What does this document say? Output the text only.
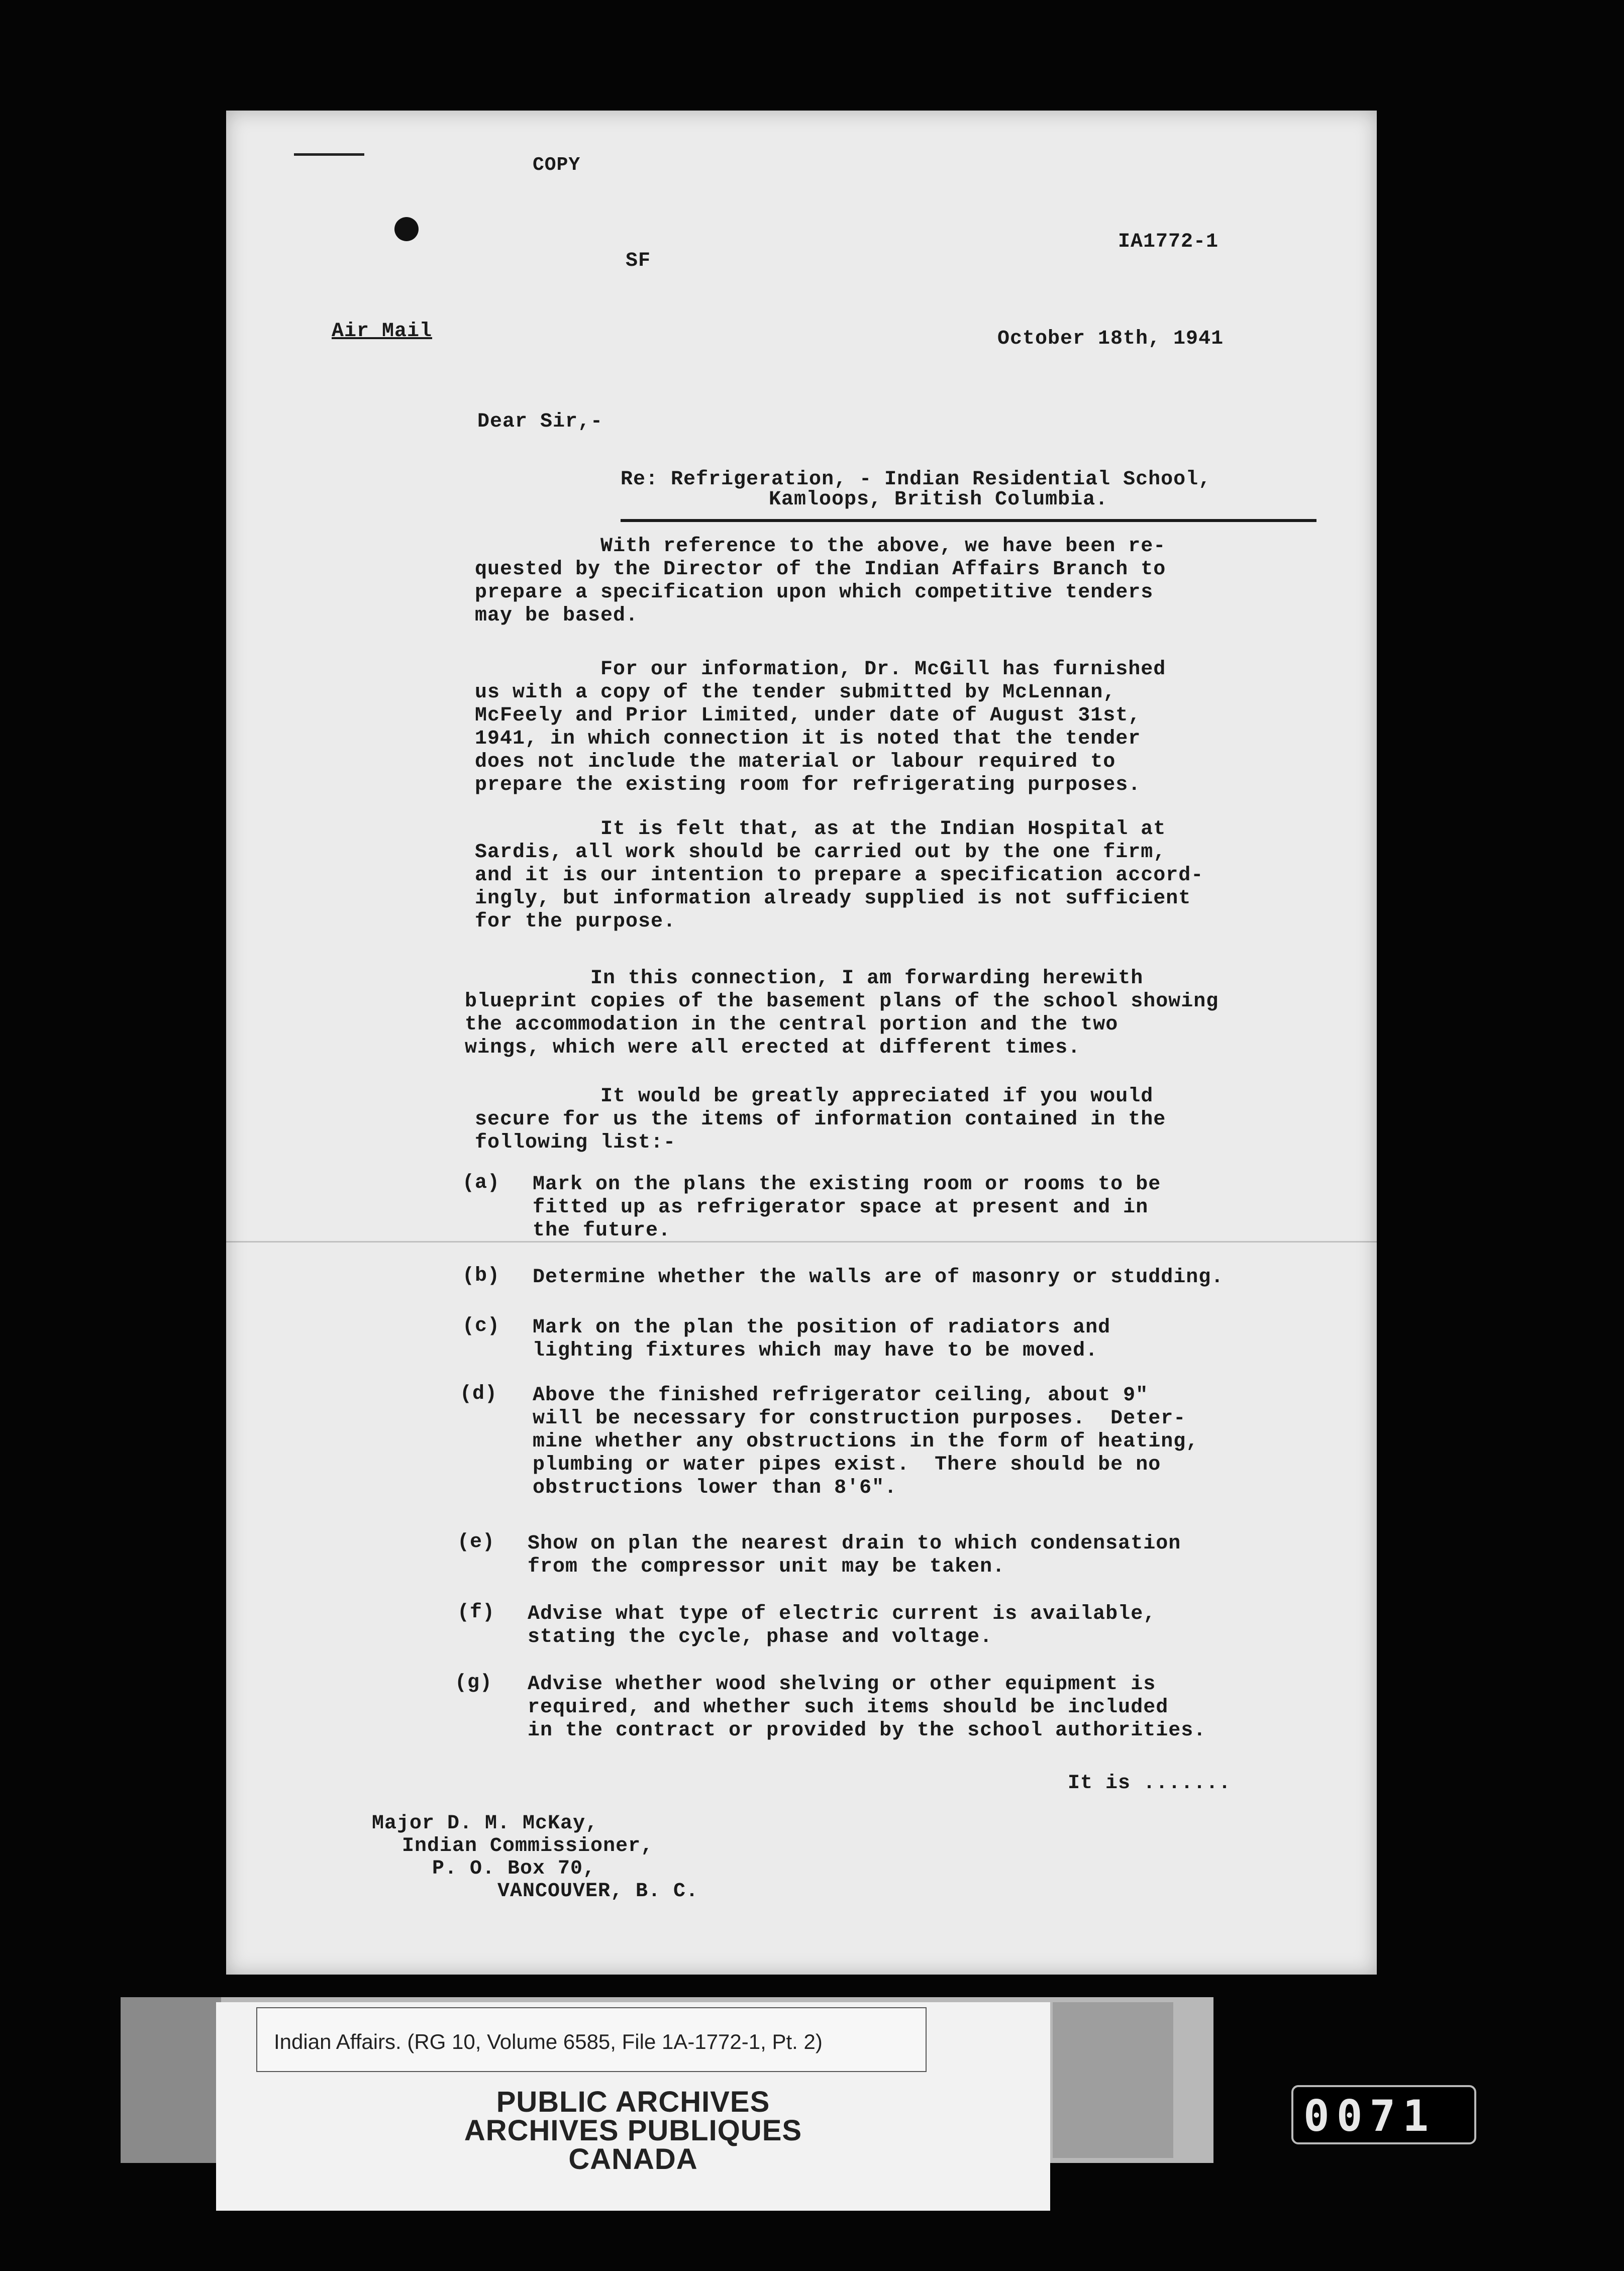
COPY
IA1772-1
SF
Air Mail	October 18th, 1941
Dear Sir,-
Re: Refrigeration, - Indian Residential School,
Kamloops, British Columbia.
With reference to the above, we have been re-
quested by the Director of the Indian Affairs Branch to
prepare a specification upon which competitive tenders
may be based.
For our information, Dr. McGill has furnished
us with a copy of the tender submitted by McLennan,
McFeely and Prior Limited, under date of August 31st,
1941, in which connection it is noted that the tender
does not include the material or labour required to
prepare the existing room for refrigerating purposes.
It is felt that, as at the Indian Hospital at
Sardis, all work should be carried out by the one firm,
and it is our intention to prepare a specification accord-
ingly, but information already supplied is not sufficient
for the purpose.
In this connection, I am forwarding herewith
blueprint copies of the basement plans of the school showing
the accommodation in the central portion and the two
wings, which were all erected at different times.
It would be greatly appreciated if you would
secure for us the items of information contained in the
following list:-
(a) Mark on the plans the existing room or rooms to be
fitted up as refrigerator space at present and in
the future.
(b) Determine whether the walls are of masonry or studding.
(c) Mark on the plan the position of radiators and
lighting fixtures which may have to be moved.
(d) Above the finished refrigerator ceiling, about 9"
will be necessary for construction purposes.  Deter-
mine whether any obstructions in the form of heating,
plumbing or water pipes exist.  There should be no
obstructions lower than 8'6".
(e) Show on plan the nearest drain to which condensation
from the compressor unit may be taken.
(f) Advise what type of electric current is available,
stating the cycle, phase and voltage.
(g) Advise whether wood shelving or other equipment is
required, and whether such items should be included
in the contract or provided by the school authorities.
It is .......
Major D. M. McKay,
Indian Commissioner,
P. O. Box 70,
VANCOUVER, B. C.
Indian Affairs. (RG 10, Volume 6585, File 1A-1772-1, Pt. 2)
PUBLIC ARCHIVES
ARCHIVES PUBLIQUES
CANADA
0071
